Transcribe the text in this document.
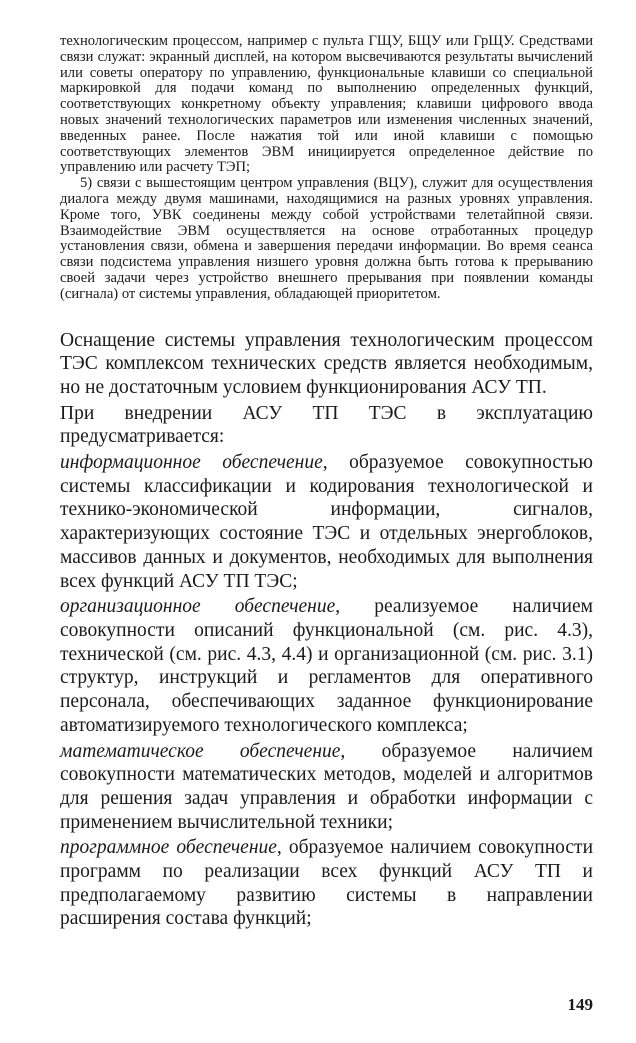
технологическим процессом, например с пульта ГЩУ, БЩУ или ГрЩУ. Средствами связи служат: экранный дисплей, на котором высвечиваются результаты вычислений или советы оператору по управлению, функциональные клавиши со специальной маркировкой для подачи команд по выполнению определенных функций, соответствующих конкретному объекту управления; клавиши цифрового ввода новых значений технологических параметров или изменения численных значений, введенных ранее. После нажатия той или иной клавиши с помощью соответствующих элементов ЭВМ инициируется определенное действие по управлению или расчету ТЭП;

5) связи с вышестоящим центром управления (ВЦУ), служит для осуществления диалога между двумя машинами, находящимися на разных уровнях управления. Кроме того, УВК соединены между собой устройствами телетайпной связи. Взаимодействие ЭВМ осуществляется на основе отработанных процедур установления связи, обмена и завершения передачи информации. Во время сеанса связи подсистема управления низшего уровня должна быть готова к прерыванию своей задачи через устройство внешнего прерывания при появлении команды (сигнала) от системы управления, обладающей приоритетом.

Оснащение системы управления технологическим процессом ТЭС комплексом технических средств является необходимым, но не достаточным условием функционирования АСУ ТП.

При внедрении АСУ ТП ТЭС в эксплуатацию предусматривается:

информационное обеспечение, образуемое совокупностью системы классификации и кодирования технологической и технико-экономической информации, сигналов, характеризующих состояние ТЭС и отдельных энергоблоков, массивов данных и документов, необходимых для выполнения всех функций АСУ ТП ТЭС;

организационное обеспечение, реализуемое наличием совокупности описаний функциональной (см. рис. 4.3), технической (см. рис. 4.3, 4.4) и организационной (см. рис. 3.1) структур, инструкций и регламентов для оперативного персонала, обеспечивающих заданное функционирование автоматизируемого технологического комплекса;

математическое обеспечение, образуемое наличием совокупности математических методов, моделей и алгоритмов для решения задач управления и обработки информации с применением вычислительной техники;

программное обеспечение, образуемое наличием совокупности программ по реализации всех функций АСУ ТП и предполагаемому развитию системы в направлении расширения состава функций;

149
